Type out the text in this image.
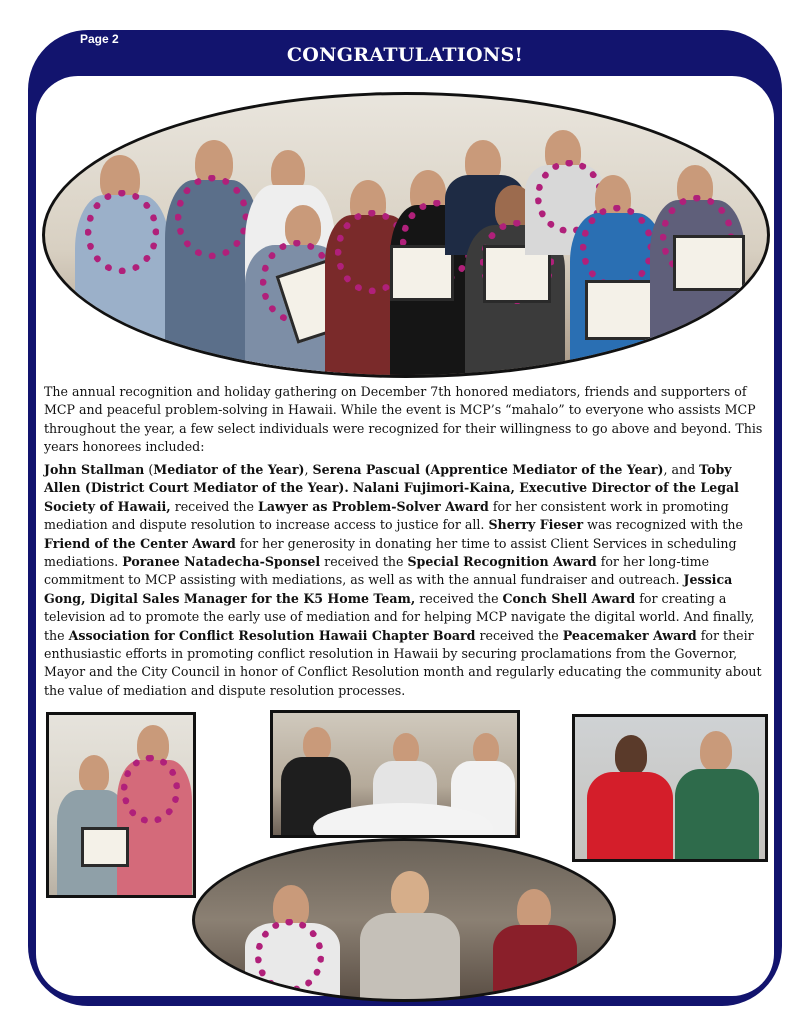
Page 2
CONGRATULATIONS!
The annual recognition and holiday gathering on December 7th honored mediators, friends and supporters of MCP and peaceful problem-solving in Hawaii. While the event is MCP’s “mahalo” to everyone who assists MCP throughout the year, a few select individuals were recognized for their willingness to go above and beyond. This years honorees included:
John Stallman (Mediator of the Year), Serena Pascual (Apprentice Mediator of the Year), and Toby Allen (District Court Mediator of the Year). Nalani Fujimori-Kaina, Executive Director of the Legal Society of Hawaii, received the Lawyer as Problem-Solver Award for her consistent work in promoting mediation and dispute resolution to increase access to justice for all. Sherry Fieser was recognized with the Friend of the Center Award for her generosity in donating her time to assist Client Services in scheduling mediations. Poranee Natadecha-Sponsel received the Special Recognition Award for her long-time commitment to MCP assisting with mediations, as well as with the annual fundraiser and outreach. Jessica Gong, Digital Sales Manager for the K5 Home Team, received the Conch Shell Award for creating a television ad to promote the early use of mediation and for helping MCP navigate the digital world. And finally, the Association for Conflict Resolution Hawaii Chapter Board received the Peacemaker Award for their enthusiastic efforts in promoting conflict resolution in Hawaii by securing proclamations from the Governor, Mayor and the City Council in honor of Conflict Resolution month and regularly educating the community about the value of mediation and dispute resolution processes.
